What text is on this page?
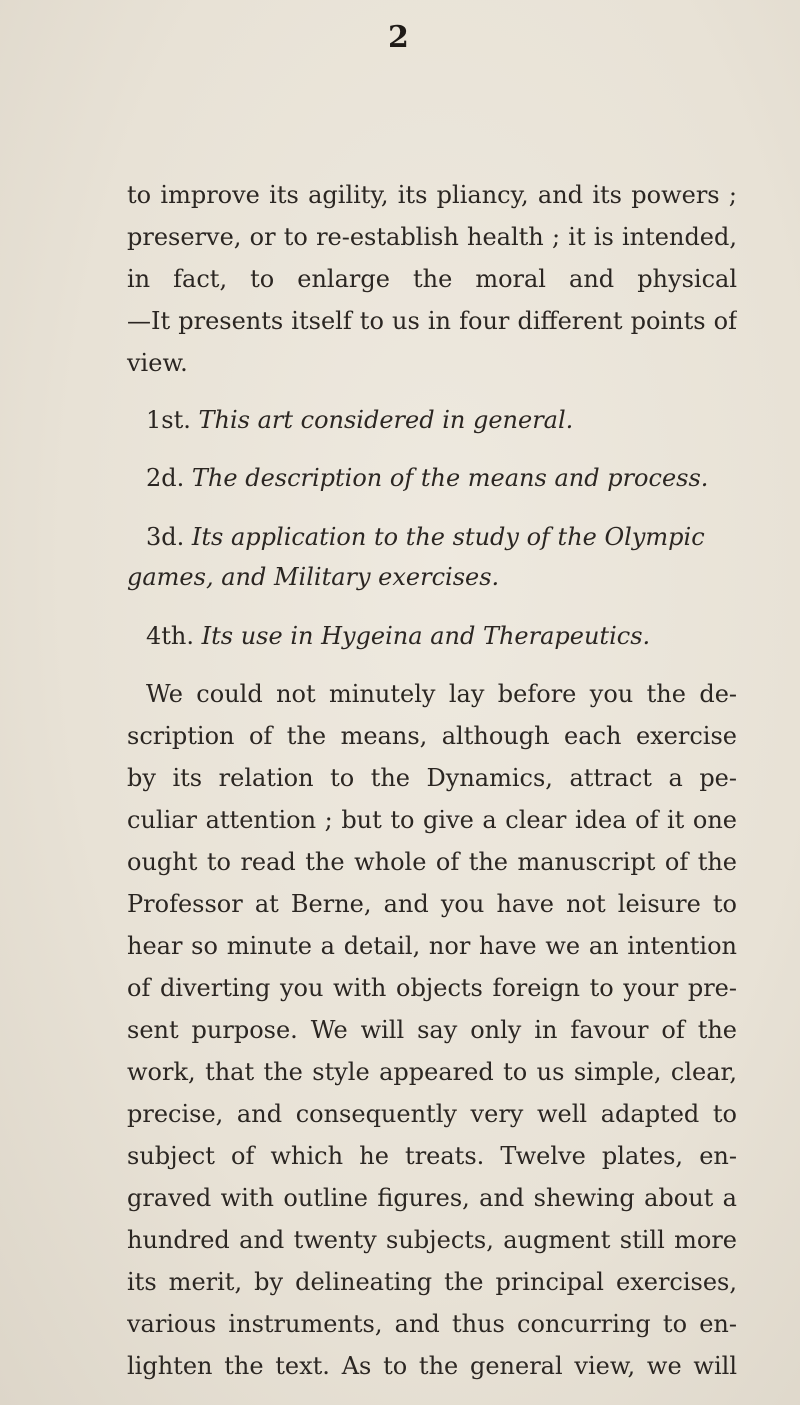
2
to improve its agility, its pliancy, and its powers ;
preserve, or to re-establish health ; it is intended,
in fact, to enlarge the moral and physical
—It presents itself to us in four different points of
view.
1st. This art considered in general.
2d. The description of the means and process.
3d. Its application to the study of the Olympic
games, and Military exercises.
4th. Its use in Hygeina and Therapeutics.
We could not minutely lay before you the de-
scription of the means, although each exercise
by its relation to the Dynamics, attract a pe-
culiar attention ; but to give a clear idea of it one
ought to read the whole of the manuscript of the
Professor at Berne, and you have not leisure to
hear so minute a detail, nor have we an intention
of diverting you with objects foreign to your pre-
sent purpose. We will say only in favour of the
work, that the style appeared to us simple, clear,
precise, and consequently very well adapted to
subject of which he treats. Twelve plates, en-
graved with outline figures, and shewing about a
hundred and twenty subjects, augment still more
its merit, by delineating the principal exercises,
various instruments, and thus concurring to en-
lighten the text. As to the general view, we will
